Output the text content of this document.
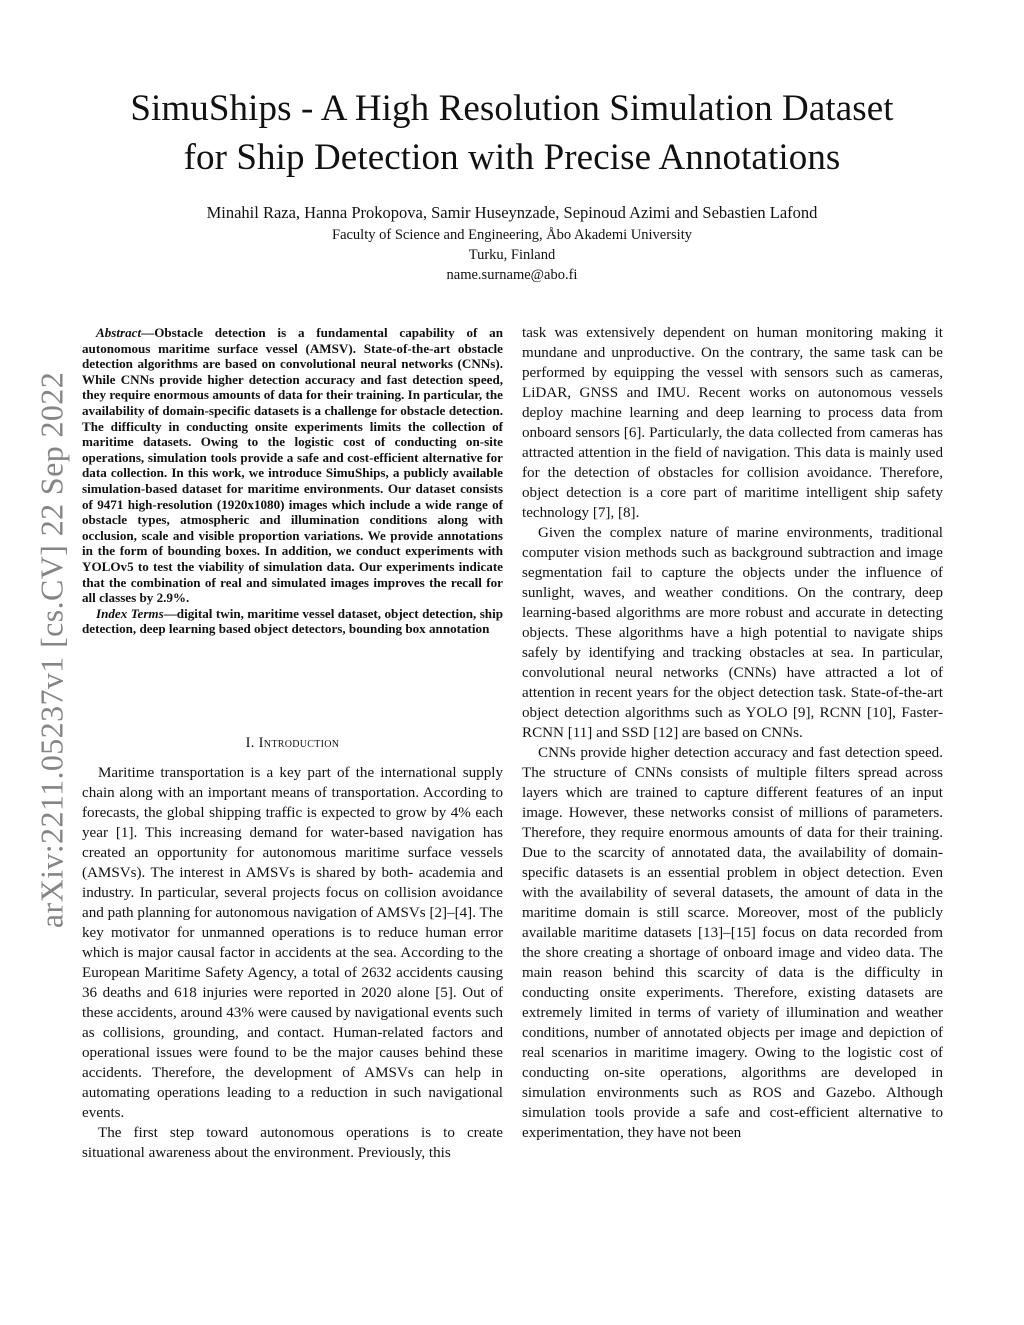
arXiv:2211.05237v1 [cs.CV] 22 Sep 2022
SimuShips - A High Resolution Simulation Dataset
for Ship Detection with Precise Annotations
Minahil Raza, Hanna Prokopova, Samir Huseynzade, Sepinoud Azimi and Sebastien Lafond
Faculty of Science and Engineering, Åbo Akademi University
Turku, Finland
name.surname@abo.fi

Abstract—Obstacle detection is a fundamental capability of an autonomous maritime surface vessel (AMSV). State-of-the-art obstacle detection algorithms are based on convolutional neural networks (CNNs). While CNNs provide higher detection accuracy and fast detection speed, they require enormous amounts of data for their training. In particular, the availability of domain-specific datasets is a challenge for obstacle detection. The difficulty in conducting onsite experiments limits the collection of maritime datasets. Owing to the logistic cost of conducting on-site operations, simulation tools provide a safe and cost-efficient alternative for data collection. In this work, we introduce SimuShips, a publicly available simulation-based dataset for maritime environments. Our dataset consists of 9471 high-resolution (1920x1080) images which include a wide range of obstacle types, atmospheric and illumination conditions along with occlusion, scale and visible proportion variations. We provide annotations in the form of bounding boxes. In addition, we conduct experiments with YOLOv5 to test the viability of simulation data. Our experiments indicate that the combination of real and simulated images improves the recall for all classes by 2.9%.

Index Terms—digital twin, maritime vessel dataset, object detection, ship detection, deep learning based object detectors, bounding box annotation

I. Introduction

Maritime transportation is a key part of the international supply chain along with an important means of transportation. According to forecasts, the global shipping traffic is expected to grow by 4% each year [1]. This increasing demand for water-based navigation has created an opportunity for autonomous maritime surface vessels (AMSVs). The interest in AMSVs is shared by both- academia and industry. In particular, several projects focus on collision avoidance and path planning for autonomous navigation of AMSVs [2]–[4]. The key motivator for unmanned operations is to reduce human error which is major causal factor in accidents at the sea. According to the European Maritime Safety Agency, a total of 2632 accidents causing 36 deaths and 618 injuries were reported in 2020 alone [5]. Out of these accidents, around 43% were caused by navigational events such as collisions, grounding, and contact. Human-related factors and operational issues were found to be the major causes behind these accidents. Therefore, the development of AMSVs can help in automating operations leading to a reduction in such navigational events.

The first step toward autonomous operations is to create situational awareness about the environment. Previously, this

task was extensively dependent on human monitoring making it mundane and unproductive. On the contrary, the same task can be performed by equipping the vessel with sensors such as cameras, LiDAR, GNSS and IMU. Recent works on autonomous vessels deploy machine learning and deep learning to process data from onboard sensors [6]. Particularly, the data collected from cameras has attracted attention in the field of navigation. This data is mainly used for the detection of obstacles for collision avoidance. Therefore, object detection is a core part of maritime intelligent ship safety technology [7], [8].

Given the complex nature of marine environments, traditional computer vision methods such as background subtraction and image segmentation fail to capture the objects under the influence of sunlight, waves, and weather conditions. On the contrary, deep learning-based algorithms are more robust and accurate in detecting objects. These algorithms have a high potential to navigate ships safely by identifying and tracking obstacles at sea. In particular, convolutional neural networks (CNNs) have attracted a lot of attention in recent years for the object detection task. State-of-the-art object detection algorithms such as YOLO [9], RCNN [10], Faster-RCNN [11] and SSD [12] are based on CNNs.

CNNs provide higher detection accuracy and fast detection speed. The structure of CNNs consists of multiple filters spread across layers which are trained to capture different features of an input image. However, these networks consist of millions of parameters. Therefore, they require enormous amounts of data for their training. Due to the scarcity of annotated data, the availability of domain-specific datasets is an essential problem in object detection. Even with the availability of several datasets, the amount of data in the maritime domain is still scarce. Moreover, most of the publicly available maritime datasets [13]–[15] focus on data recorded from the shore creating a shortage of onboard image and video data. The main reason behind this scarcity of data is the difficulty in conducting onsite experiments. Therefore, existing datasets are extremely limited in terms of variety of illumination and weather conditions, number of annotated objects per image and depiction of real scenarios in maritime imagery. Owing to the logistic cost of conducting on-site operations, algorithms are developed in simulation environments such as ROS and Gazebo. Although simulation tools provide a safe and cost-efficient alternative to experimentation, they have not been
